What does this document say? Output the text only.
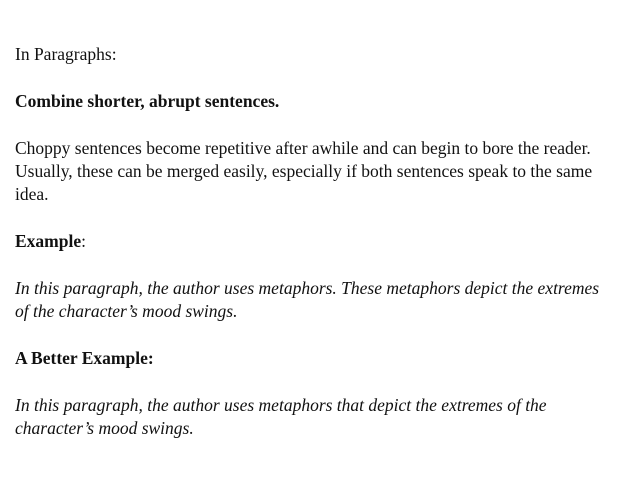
In Paragraphs:
Combine shorter, abrupt sentences.
Choppy sentences become repetitive after awhile and can begin to bore the reader.
Usually, these can be merged easily, especially if both sentences speak to the same
idea.
Example:
In this paragraph, the author uses metaphors. These metaphors depict the extremes
of the character’s mood swings.
A Better Example:
In this paragraph, the author uses metaphors that depict the extremes of the
character’s mood swings.
